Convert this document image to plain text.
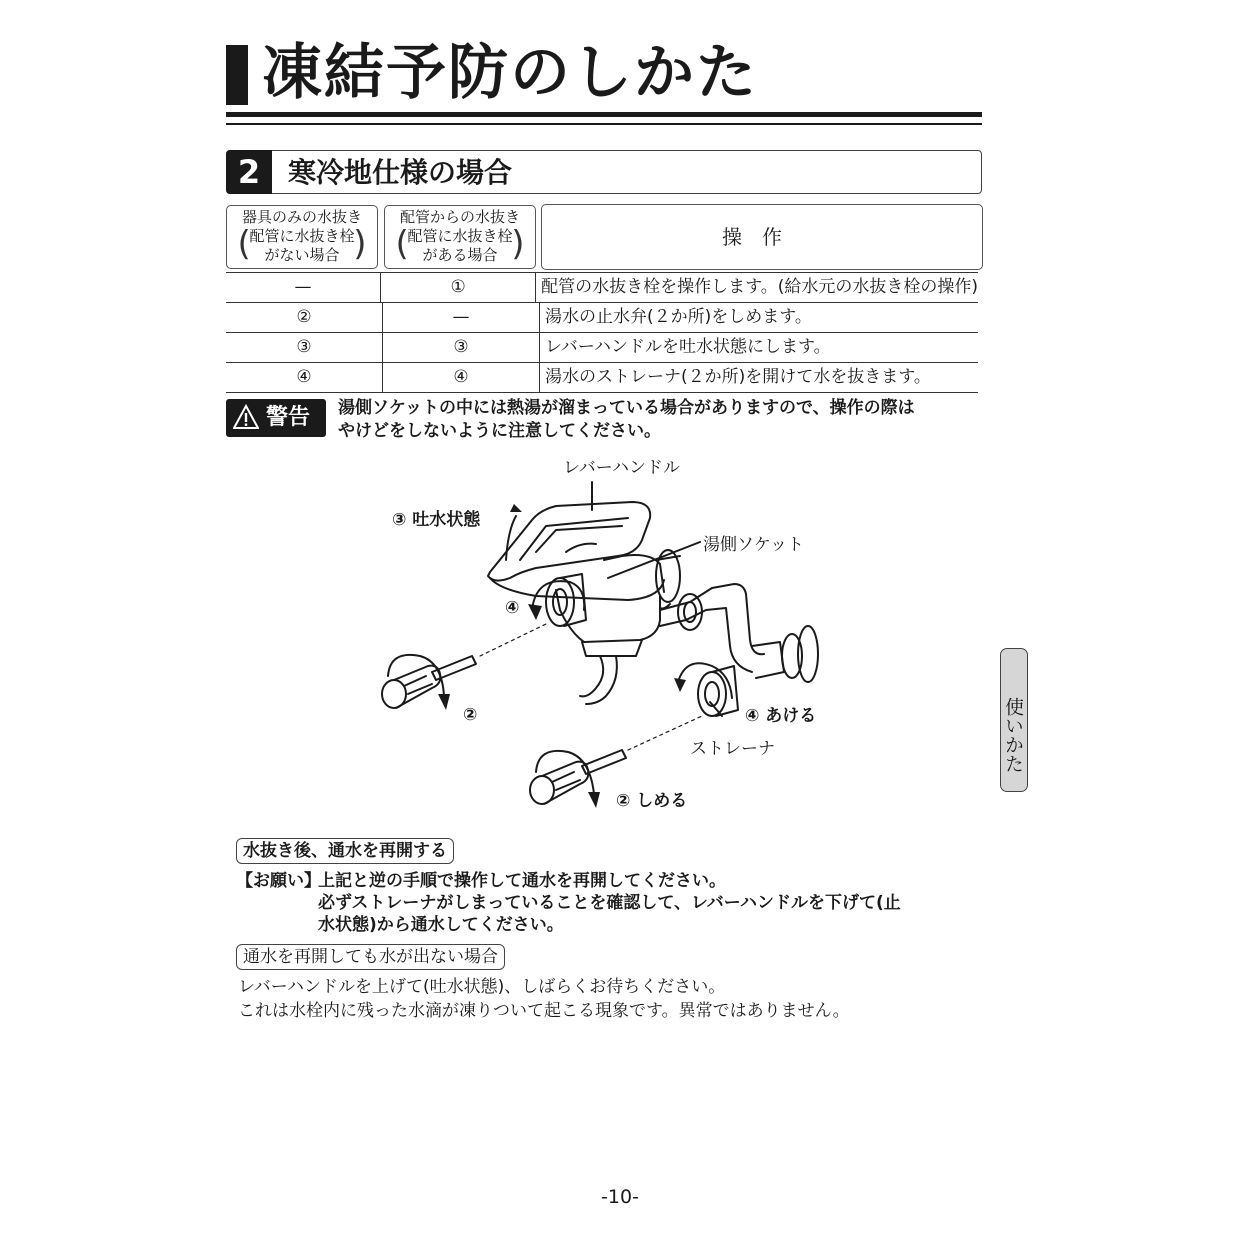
凍結予防のしかた
2 寒冷地仕様の場合
器具のみの水抜き
( 配管に水抜き栓
がない場合
)
配管からの水抜き
( 配管に水抜き栓
がある場合
)
操作
—	①	配管の水抜き栓を操作します。(給水元の水抜き栓の操作)
②	—	湯水の止水弁(２か所)をしめます。
③	③	レバーハンドルを吐水状態にします。
④	④	湯水のストレーナ(２か所)を開けて水を抜きます。
警告 湯側ソケットの中には熱湯が溜まっている場合がありますので、操作の際は
やけどをしないように注意してください。
レバーハンドル
③ 吐水状態
湯側ソケット
④
②	④ あける
ストレーナ
② しめる
使いかた
水抜き後、通水を再開する
【お願い】
上記と逆の手順で操作して通水を再開してください。
必ずストレーナがしまっていることを確認して、レバーハンドルを下げて(止
水状態)から通水してください。
通水を再開しても水が出ない場合
レバーハンドルを上げて(吐水状態)、しばらくお待ちください。
これは水栓内に残った水滴が凍りついて起こる現象です。異常ではありません。
-10-
